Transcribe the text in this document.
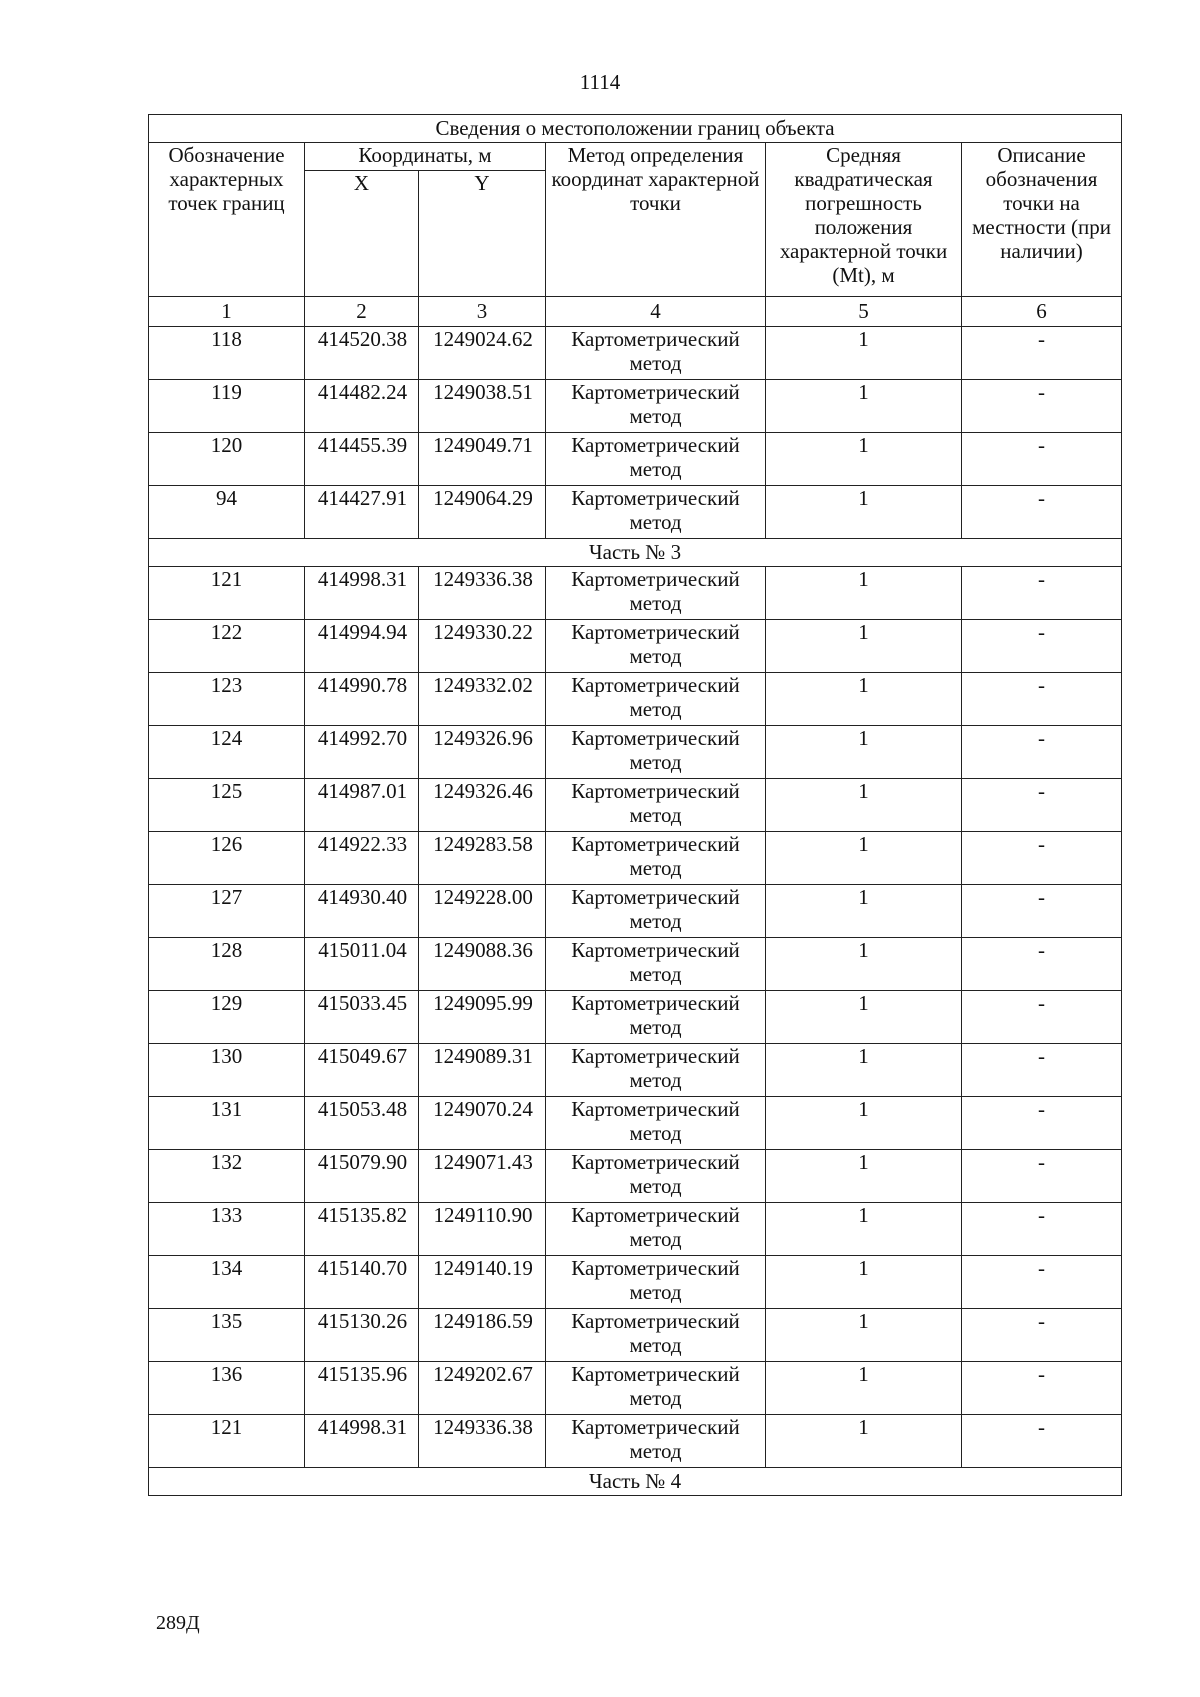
1114
Сведения о местоположении границ объекта					
Обозначение характерных точек границ	Координаты, м		Метод определения координат характерной точки	Средняя квадратическая погрешность положения характерной точки (Mt), м	Описание обозначения точки на местности (при наличии)
	X	Y			
1	2	3	4	5	6
118	414520.38	1249024.62	Картометрический метод	1	-
119	414482.24	1249038.51	Картометрический метод	1	-
120	414455.39	1249049.71	Картометрический метод	1	-
94	414427.91	1249064.29	Картометрический метод	1	-
Часть № 3					
121	414998.31	1249336.38	Картометрический метод	1	-
122	414994.94	1249330.22	Картометрический метод	1	-
123	414990.78	1249332.02	Картометрический метод	1	-
124	414992.70	1249326.96	Картометрический метод	1	-
125	414987.01	1249326.46	Картометрический метод	1	-
126	414922.33	1249283.58	Картометрический метод	1	-
127	414930.40	1249228.00	Картометрический метод	1	-
128	415011.04	1249088.36	Картометрический метод	1	-
129	415033.45	1249095.99	Картометрический метод	1	-
130	415049.67	1249089.31	Картометрический метод	1	-
131	415053.48	1249070.24	Картометрический метод	1	-
132	415079.90	1249071.43	Картометрический метод	1	-
133	415135.82	1249110.90	Картометрический метод	1	-
134	415140.70	1249140.19	Картометрический метод	1	-
135	415130.26	1249186.59	Картометрический метод	1	-
136	415135.96	1249202.67	Картометрический метод	1	-
121	414998.31	1249336.38	Картометрический метод	1	-
Часть № 4					
289Д
